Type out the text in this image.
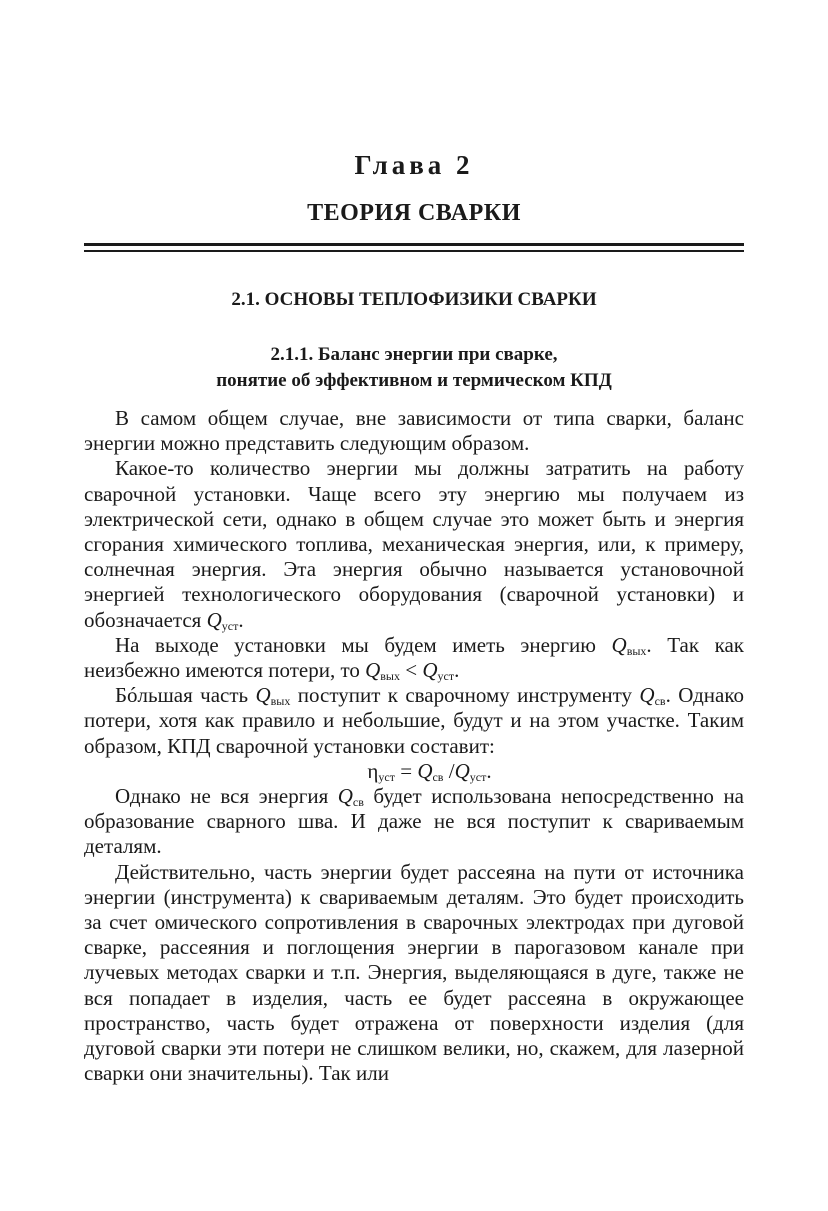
Глава 2
ТЕОРИЯ СВАРКИ
2.1. ОСНОВЫ ТЕПЛОФИЗИКИ СВАРКИ
2.1.1. Баланс энергии при сварке,
понятие об эффективном и термическом КПД

В самом общем случае, вне зависимости от типа сварки, баланс энергии можно представить следующим образом.

Какое-то количество энергии мы должны затратить на работу сварочной установки. Чаще всего эту энергию мы получаем из электрической сети, однако в общем случае это может быть и энергия сгорания химического топлива, механическая энергия, или, к примеру, солнечная энергия. Эта энергия обычно называется установочной энергией технологического оборудования (сварочной установки) и обозначается $Q_{уст}$.

На выходе установки мы будем иметь энергию $Q_{вых}$. Так как неизбежно имеются потери, то $Q_{вых} < Q_{уст}$.

Бóльшая часть $Q_{вых}$ поступит к сварочному инструменту $Q_{св}$. Однако потери, хотя как правило и небольшие, будут и на этом участке. Таким образом, КПД сварочной установки составит:

$\eta_{уст} = Q_{св}$ $/Q_{уст}$.

Однако не вся энергия $Q_{св}$ будет использована непосредственно на образование сварного шва. И даже не вся поступит к свариваемым деталям.

Действительно, часть энергии будет рассеяна на пути от источника энергии (инструмента) к свариваемым деталям. Это будет происходить за счет омического сопротивления в сварочных электродах при дуговой сварке, рассеяния и поглощения энергии в парогазовом канале при лучевых методах сварки и т.п. Энергия, выделяющаяся в дуге, также не вся попадает в изделия, часть ее будет рассеяна в окружающее пространство, часть будет отражена от поверхности изделия (для дуговой сварки эти потери не слишком велики, но, скажем, для лазерной сварки они значительны). Так или
